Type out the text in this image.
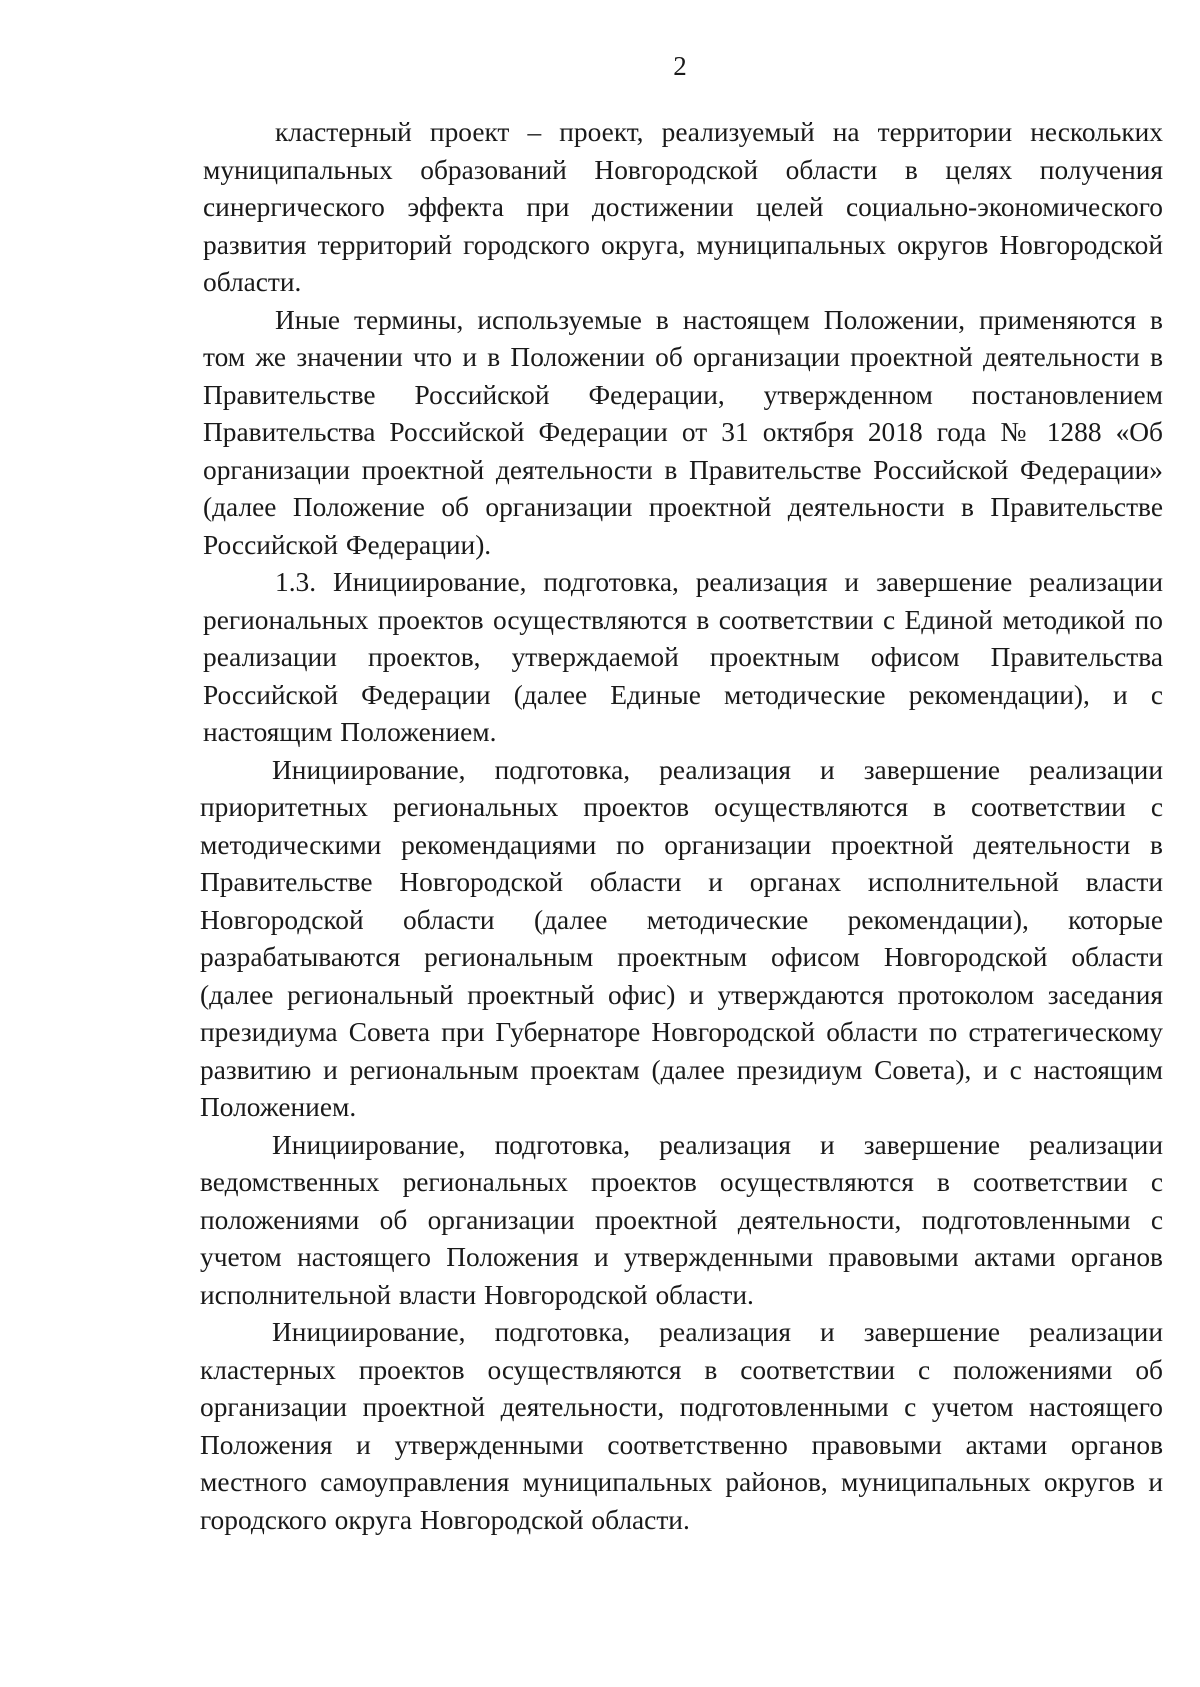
2

кластерный проект – проект, реализуемый на территории нескольких муниципальных образований Новгородской области в целях получения синергического эффекта при достижении целей социально-экономического развития территорий городского округа, муниципальных округов Новгородской области.

Иные термины, используемые в настоящем Положении, применяются в том же значении что и в Положении об организации проектной деятельности в Правительстве Российской Федерации, утвержденном постановлением Правительства Российской Федерации от 31 октября 2018 года № 1288 «Об организации проектной деятельности в Правительстве Российской Федерации» (далее Положение об организации проектной деятельности в Правительстве Российской Федерации).

1.3. Инициирование, подготовка, реализация и завершение реализации региональных проектов осуществляются в соответствии с Единой методикой по реализации проектов, утверждаемой проектным офисом Правительства Российской Федерации (далее Единые методические рекомендации), и с настоящим Положением.

Инициирование, подготовка, реализация и завершение реализации приоритетных региональных проектов осуществляются в соответствии с методическими рекомендациями по организации проектной деятельности в Правительстве Новгородской области и органах исполнительной власти Новгородской области (далее методические рекомендации), которые разрабатываются региональным проектным офисом Новгородской области (далее региональный проектный офис) и утверждаются протоколом заседания президиума Совета при Губернаторе Новгородской области по стратегическому развитию и региональным проектам (далее президиум Совета), и с настоящим Положением.

Инициирование, подготовка, реализация и завершение реализации ведомственных региональных проектов осуществляются в соответствии с положениями об организации проектной деятельности, подготовленными с учетом настоящего Положения и утвержденными правовыми актами органов исполнительной власти Новгородской области.

Инициирование, подготовка, реализация и завершение реализации кластерных проектов осуществляются в соответствии с положениями об организации проектной деятельности, подготовленными с учетом настоящего Положения и утвержденными соответственно правовыми актами органов местного самоуправления муниципальных районов, муниципальных округов и городского округа Новгородской области.
